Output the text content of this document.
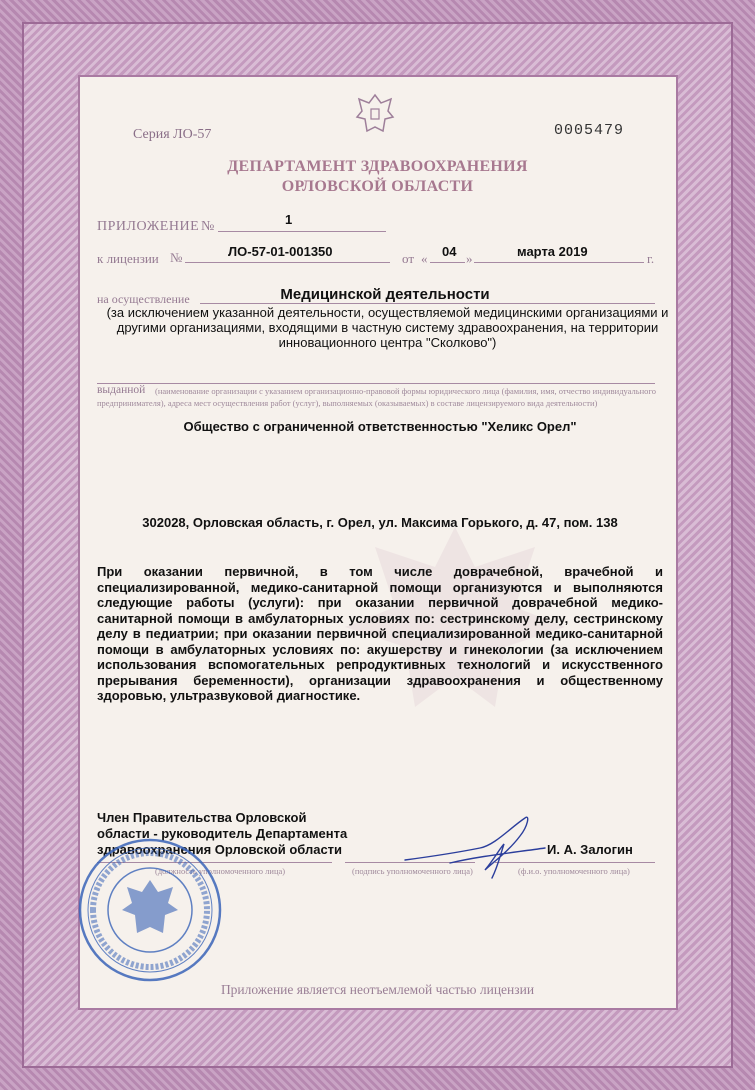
Серия ЛО-57	0005479
ДЕПАРТАМЕНТ ЗДРАВООХРАНЕНИЯ
ОРЛОВСКОЙ ОБЛАСТИ
ПРИЛОЖЕНИЕ №	1
к лицензии №	ЛО-57-01-001350	от « 04 »	марта 2019	г.
на осуществление	Медицинской деятельности
(за исключением указанной деятельности, осуществляемой медицинскими организациями и другими организациями, входящими в частную систему здравоохранения, на территории инновационного центра "Сколково")
выданной	(наименование организации с указанием организационно-правовой формы юридического лица (фамилия, имя, отчество индивидуального предпринимателя), адреса мест осуществления работ (услуг), выполняемых (оказываемых) в составе лицензируемого вида деятельности)
Общество с ограниченной ответственностью "Хеликс Орел"
302028, Орловская область, г. Орел, ул. Максима Горького, д. 47, пом. 138
При оказании первичной, в том числе доврачебной, врачебной и специализированной, медико-санитарной помощи организуются и выполняются следующие работы (услуги): при оказании первичной доврачебной медико-санитарной помощи в амбулаторных условиях по: сестринскому делу, сестринскому делу в педиатрии; при оказании первичной специализированной медико-санитарной помощи в амбулаторных условиях по: акушерству и гинекологии (за исключением использования вспомогательных репродуктивных технологий и искусственного прерывания беременности), организации здравоохранения и общественному здоровью, ультразвуковой диагностике.
Член Правительства Орловской
области - руководитель Департамента
здравоохранения Орловской области	И. А. Залогин
(должность уполномоченного лица)	(подпись уполномоченного лица)	(ф.и.о. уполномоченного лица)
Приложение является неотъемлемой частью лицензии
